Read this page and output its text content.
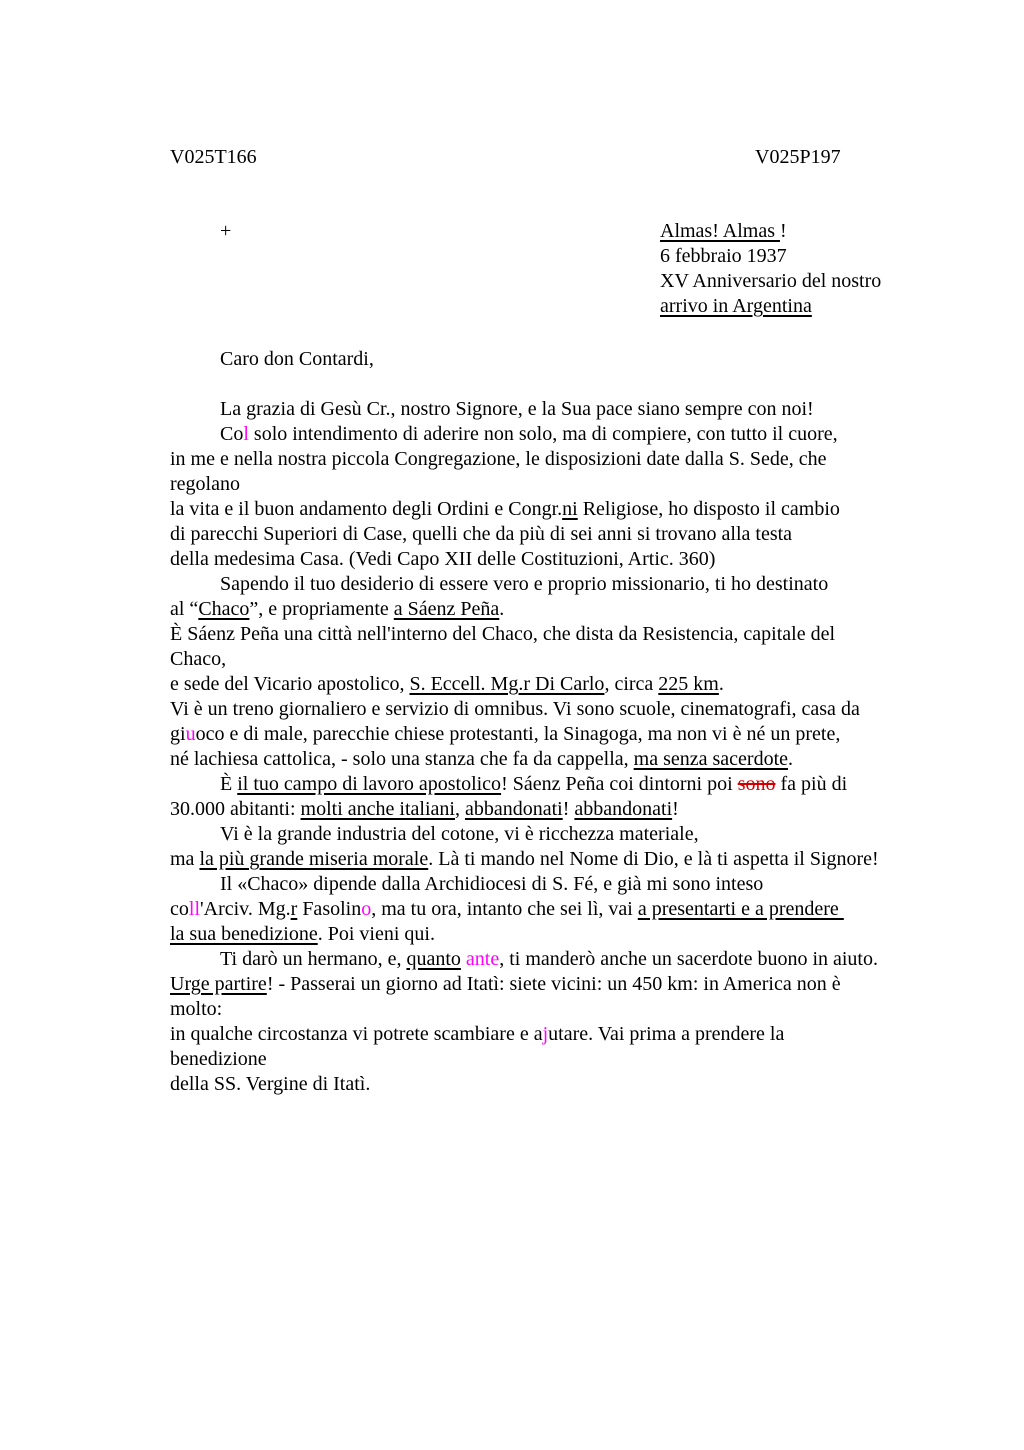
V025T166	V025P197
+	Almas! Almas !
6 febbraio 1937
XV Anniversario del nostro
arrivo in Argentina
Caro don Contardi,

La grazia di Gesù Cr., nostro Signore, e la Sua pace siano sempre con noi!
Col solo intendimento di aderire non solo, ma di compiere, con tutto il cuore,
in me e nella nostra piccola Congregazione, le disposizioni date dalla S. Sede, che
regolano
la vita e il buon andamento degli Ordini e Congr.ni Religiose, ho disposto il cambio
di parecchi Superiori di Case, quelli che da più di sei anni si trovano alla testa
della medesima Casa. (Vedi Capo XII delle Costituzioni, Artic. 360)
Sapendo il tuo desiderio di essere vero e proprio missionario, ti ho destinato
al “Chaco”, e propriamente a Sáenz Peña.
È Sáenz Peña una città nell'interno del Chaco, che dista da Resistencia, capitale del
Chaco,
e sede del Vicario apostolico, S. Eccell. Mg.r Di Carlo, circa 225 km.
Vi è un treno giornaliero e servizio di omnibus. Vi sono scuole, cinematografi, casa da
giuoco e di male, parecchie chiese protestanti, la Sinagoga, ma non vi è né un prete,
né lachiesa cattolica, - solo una stanza che fa da cappella, ma senza sacerdote.
È il tuo campo di lavoro apostolico! Sáenz Peña coi dintorni poi sono fa più di
30.000 abitanti: molti anche italiani, abbandonati! abbandonati!
Vi è la grande industria del cotone, vi è ricchezza materiale,
ma la più grande miseria morale. Là ti mando nel Nome di Dio, e là ti aspetta il Signore!
Il «Chaco» dipende dalla Archidiocesi di S. Fé, e già mi sono inteso
coll'Arciv. Mg.r Fasolino, ma tu ora, intanto che sei lì, vai a presentarti e a prendere
la sua benedizione. Poi vieni qui.
Ti darò un hermano, e, quanto ante, ti manderò anche un sacerdote buono in aiuto.
Urge partire! - Passerai un giorno ad Itatì: siete vicini: un 450 km: in America non è
molto:
in qualche circostanza vi potrete scambiare e ajutare. Vai prima a prendere la
benedizione
della SS. Vergine di Itatì.
